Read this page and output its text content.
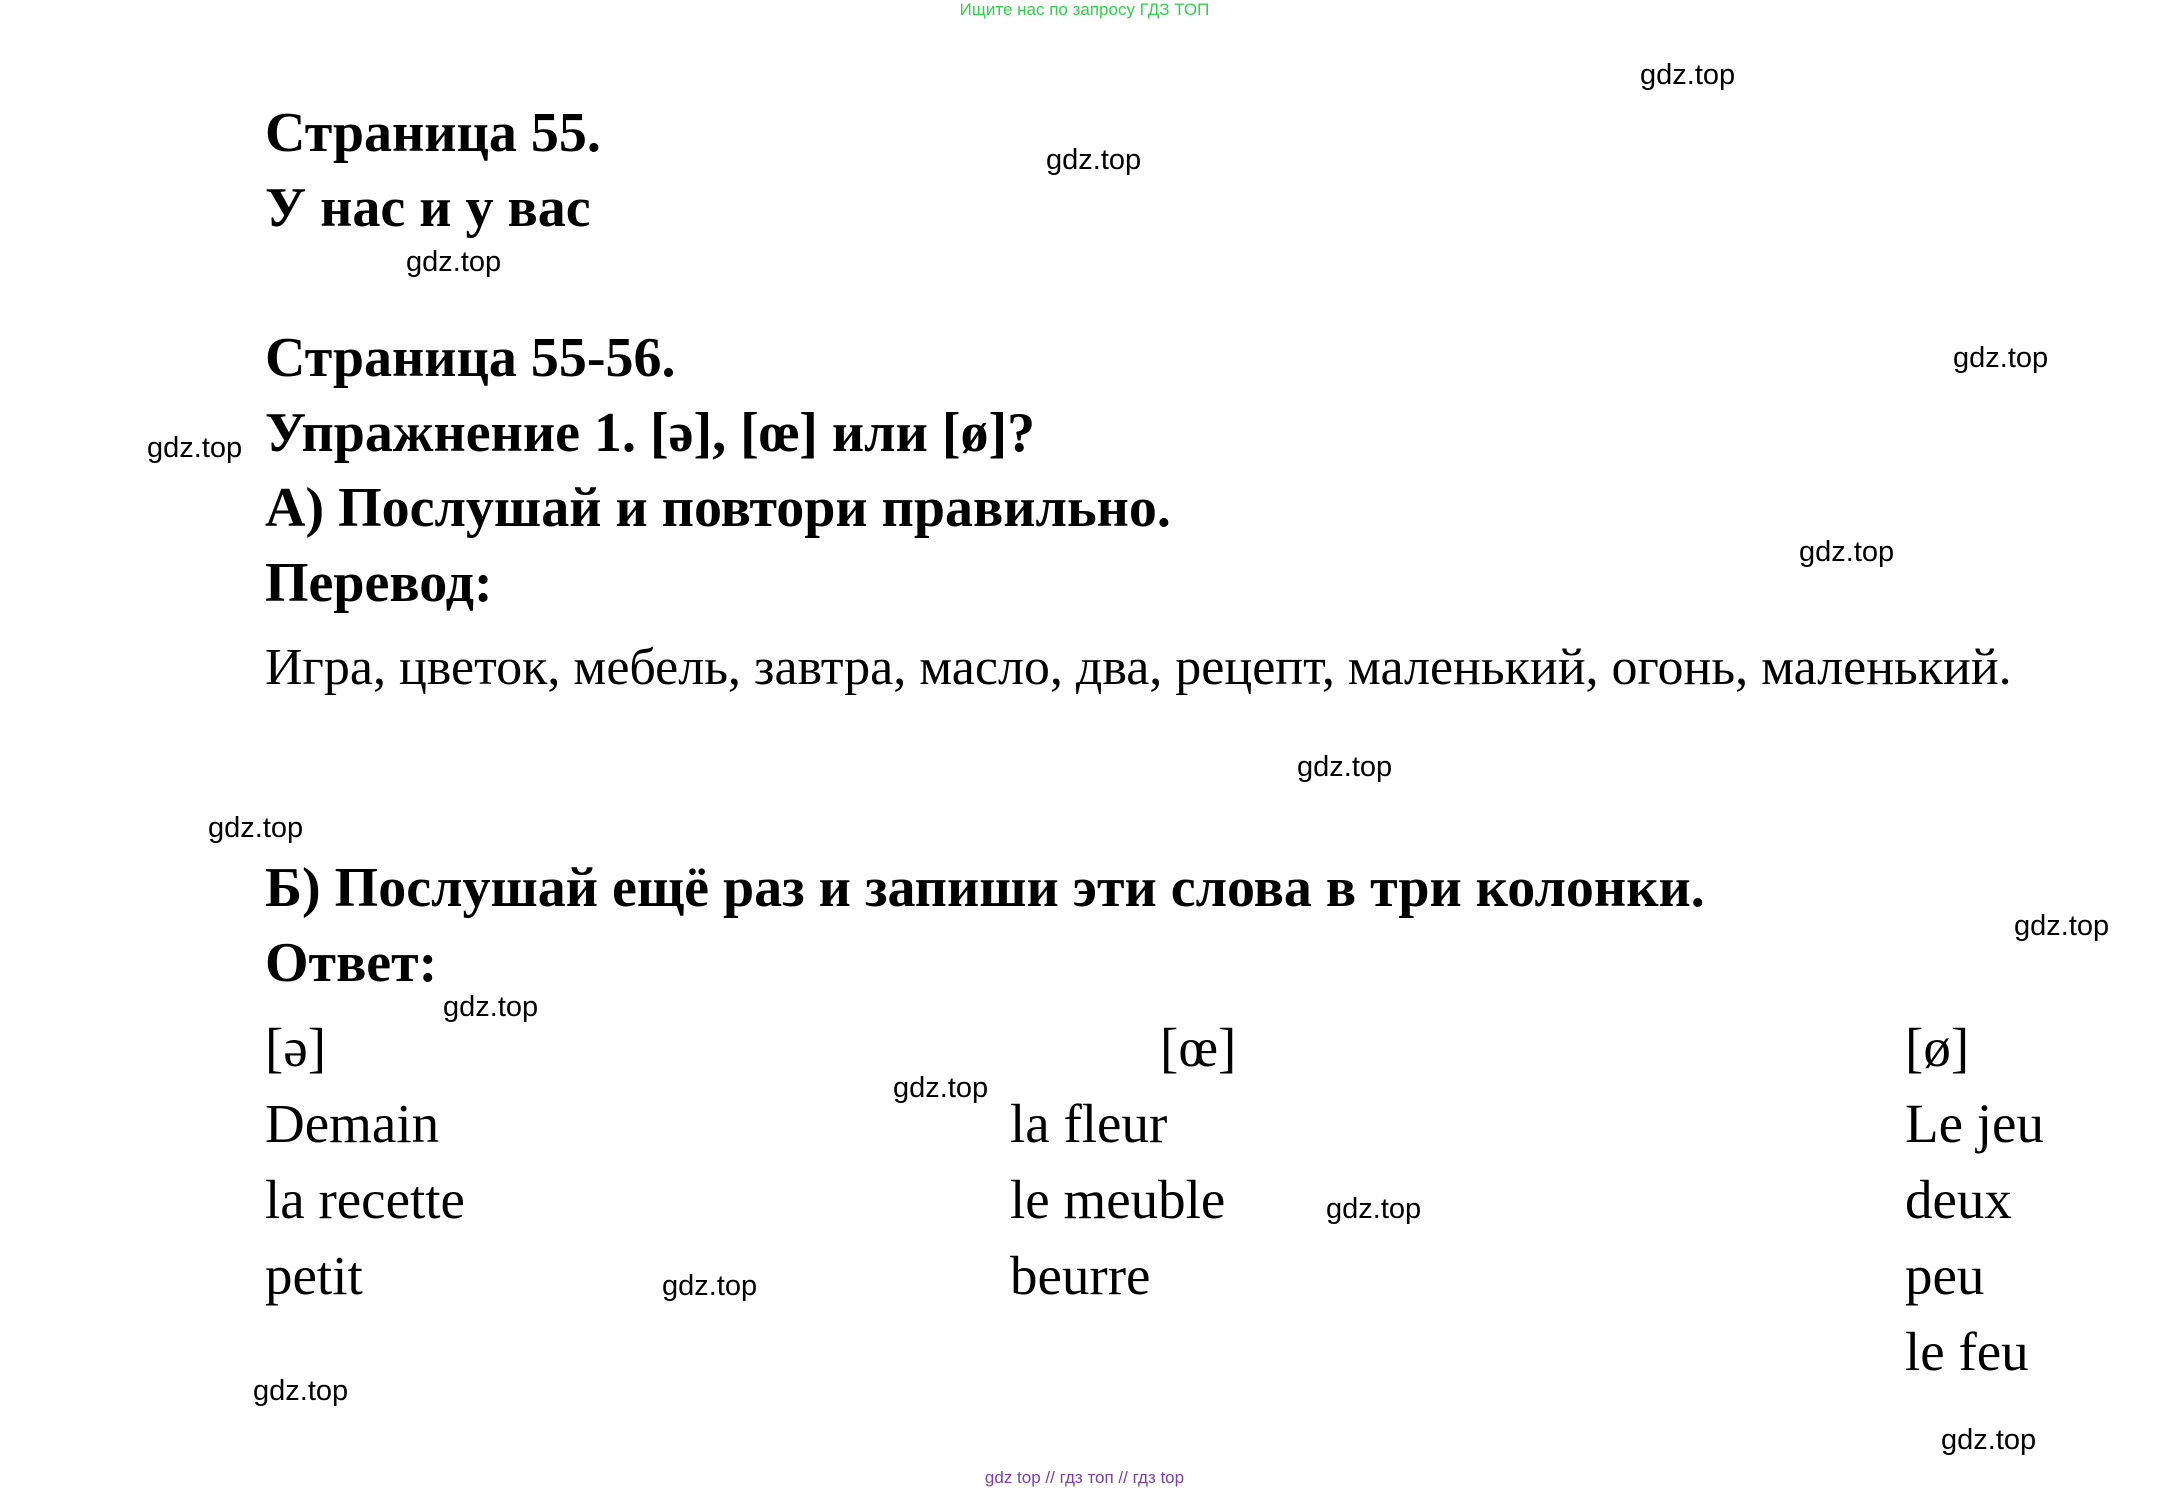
Ищите нас по запросу ГДЗ ТОП
Страница 55.
У нас и у вас
Страница 55-56.
Упражнение 1. [ə], [œ] или [ø]?
А) Послушай и повтори правильно.
Перевод:
Игра, цветок, мебель, завтра, масло, два, рецепт, маленький, огонь, маленький.
Б) Послушай ещё раз и запиши эти слова в три колонки.
Ответ:
[ə]
Demain
la recette
petit
[œ]
la fleur
le meuble
beurre
[ø]
Le jeu
deux
peu
le feu
gdz.top
gdz.top
gdz.top
gdz.top
gdz.top
gdz.top
gdz.top
gdz.top
gdz.top
gdz.top
gdz.top
gdz.top
gdz.top
gdz.top
gdz.top
gdz top // гдз топ // гдз top
